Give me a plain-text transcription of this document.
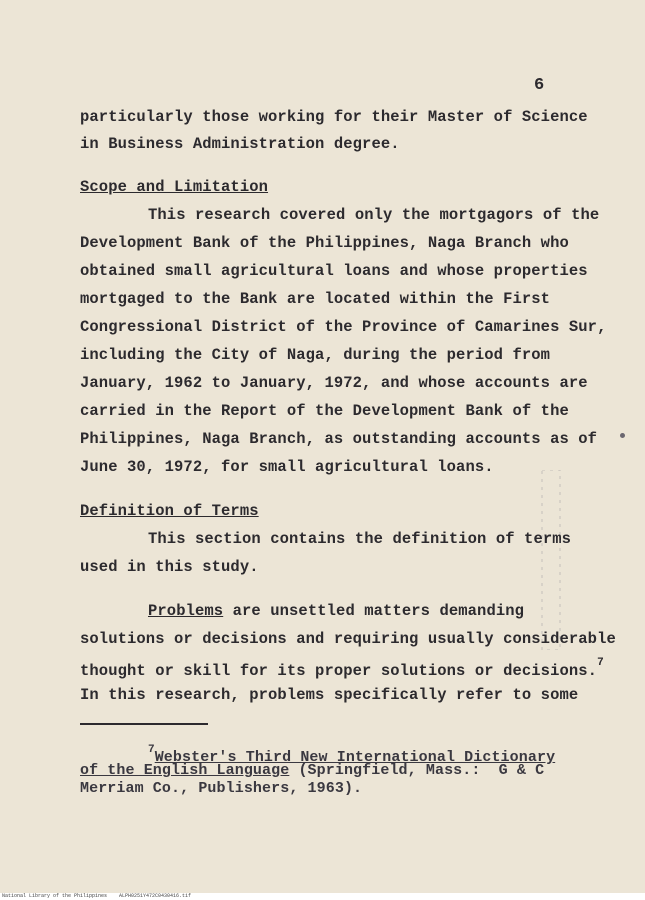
6
particularly those working for their Master of Science
in Business Administration degree.
Scope and Limitation
This research covered only the mortgagors of the
Development Bank of the Philippines, Naga Branch who
obtained small agricultural loans and whose properties
mortgaged to the Bank are located within the First
Congressional District of the Province of Camarines Sur,
including the City of Naga, during the period from
January, 1962 to January, 1972, and whose accounts are
carried in the Report of the Development Bank of the
Philippines, Naga Branch, as outstanding accounts as of
June 30, 1972, for small agricultural loans.
Definition of Terms
This section contains the definition of terms
used in this study.
Problems are unsettled matters demanding
solutions or decisions and requiring usually considerable
thought or skill for its proper solutions or decisions.$^7$
In this research, problems specifically refer to some
$^7$Webster's Third New International Dictionary
of the English Language (Springfield, Mass.:  G & C
Merriam Co., Publishers, 1963).
National Library of the Philippines    ALPH0251Y472C0430416.tif
